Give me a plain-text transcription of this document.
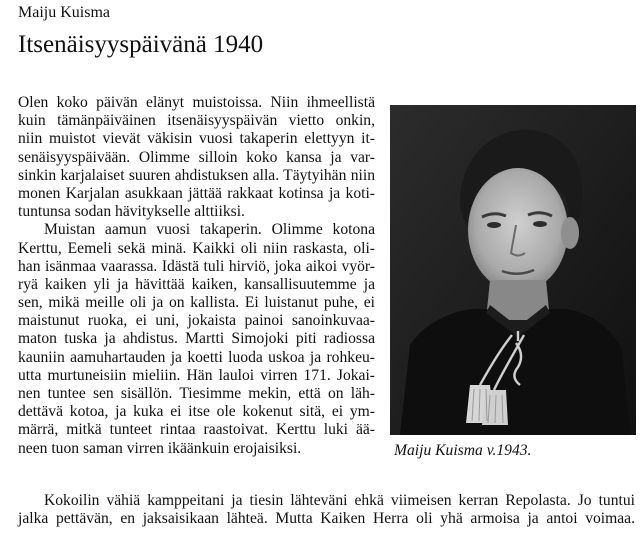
Maiju Kuisma
Itsenäisyyspäivänä 1940
Olen koko päivän elänyt muistoissa. Niin ihmeellistä
kuin tämänpäiväinen itsenäisyyspäivän vietto onkin,
niin muistot vievät väkisin vuosi takaperin elettyyn it-
senäisyyspäivään. Olimme silloin koko kansa ja var-
sinkin karjalaiset suuren ahdistuksen alla. Täytyihän niin
monen Karjalan asukkaan jättää rakkaat kotinsa ja koti-
tuntunsa sodan hävitykselle alttiiksi.
Muistan aamun vuosi takaperin. Olimme kotona
Kerttu, Eemeli sekä minä. Kaikki oli niin raskasta, oli-
han isänmaa vaarassa. Idästä tuli hirviö, joka aikoi vyör-
ryä kaiken yli ja hävittää kaiken, kansallisuutemme ja
sen, mikä meille oli ja on kallista. Ei luistanut puhe, ei
maistunut ruoka, ei uni, jokaista painoi sanoinkuvaa-
maton tuska ja ahdistus. Martti Simojoki piti radiossa
kauniin aamuhartauden ja koetti luoda uskoa ja rohkeu-
utta murtuneisiin mieliin. Hän lauloi virren 171. Jokai-
nen tuntee sen sisällön. Tiesimme mekin, että on läh-
dettävä kotoa, ja kuka ei itse ole kokenut sitä, ei ym-
märrä, mitkä tunteet rintaa raastoivat. Kerttu luki ää-
neen tuon saman virren ikäänkuin erojaisiksi.	Maiju Kuisma v.1943.
Kokoilin vähiä kamppeitani ja tiesin lähteväni ehkä viimeisen kerran Repolasta. Jo tuntui
jalka pettävän, en jaksaisikaan lähteä. Mutta Kaiken Herra oli yhä armoisa ja antoi voimaa.
